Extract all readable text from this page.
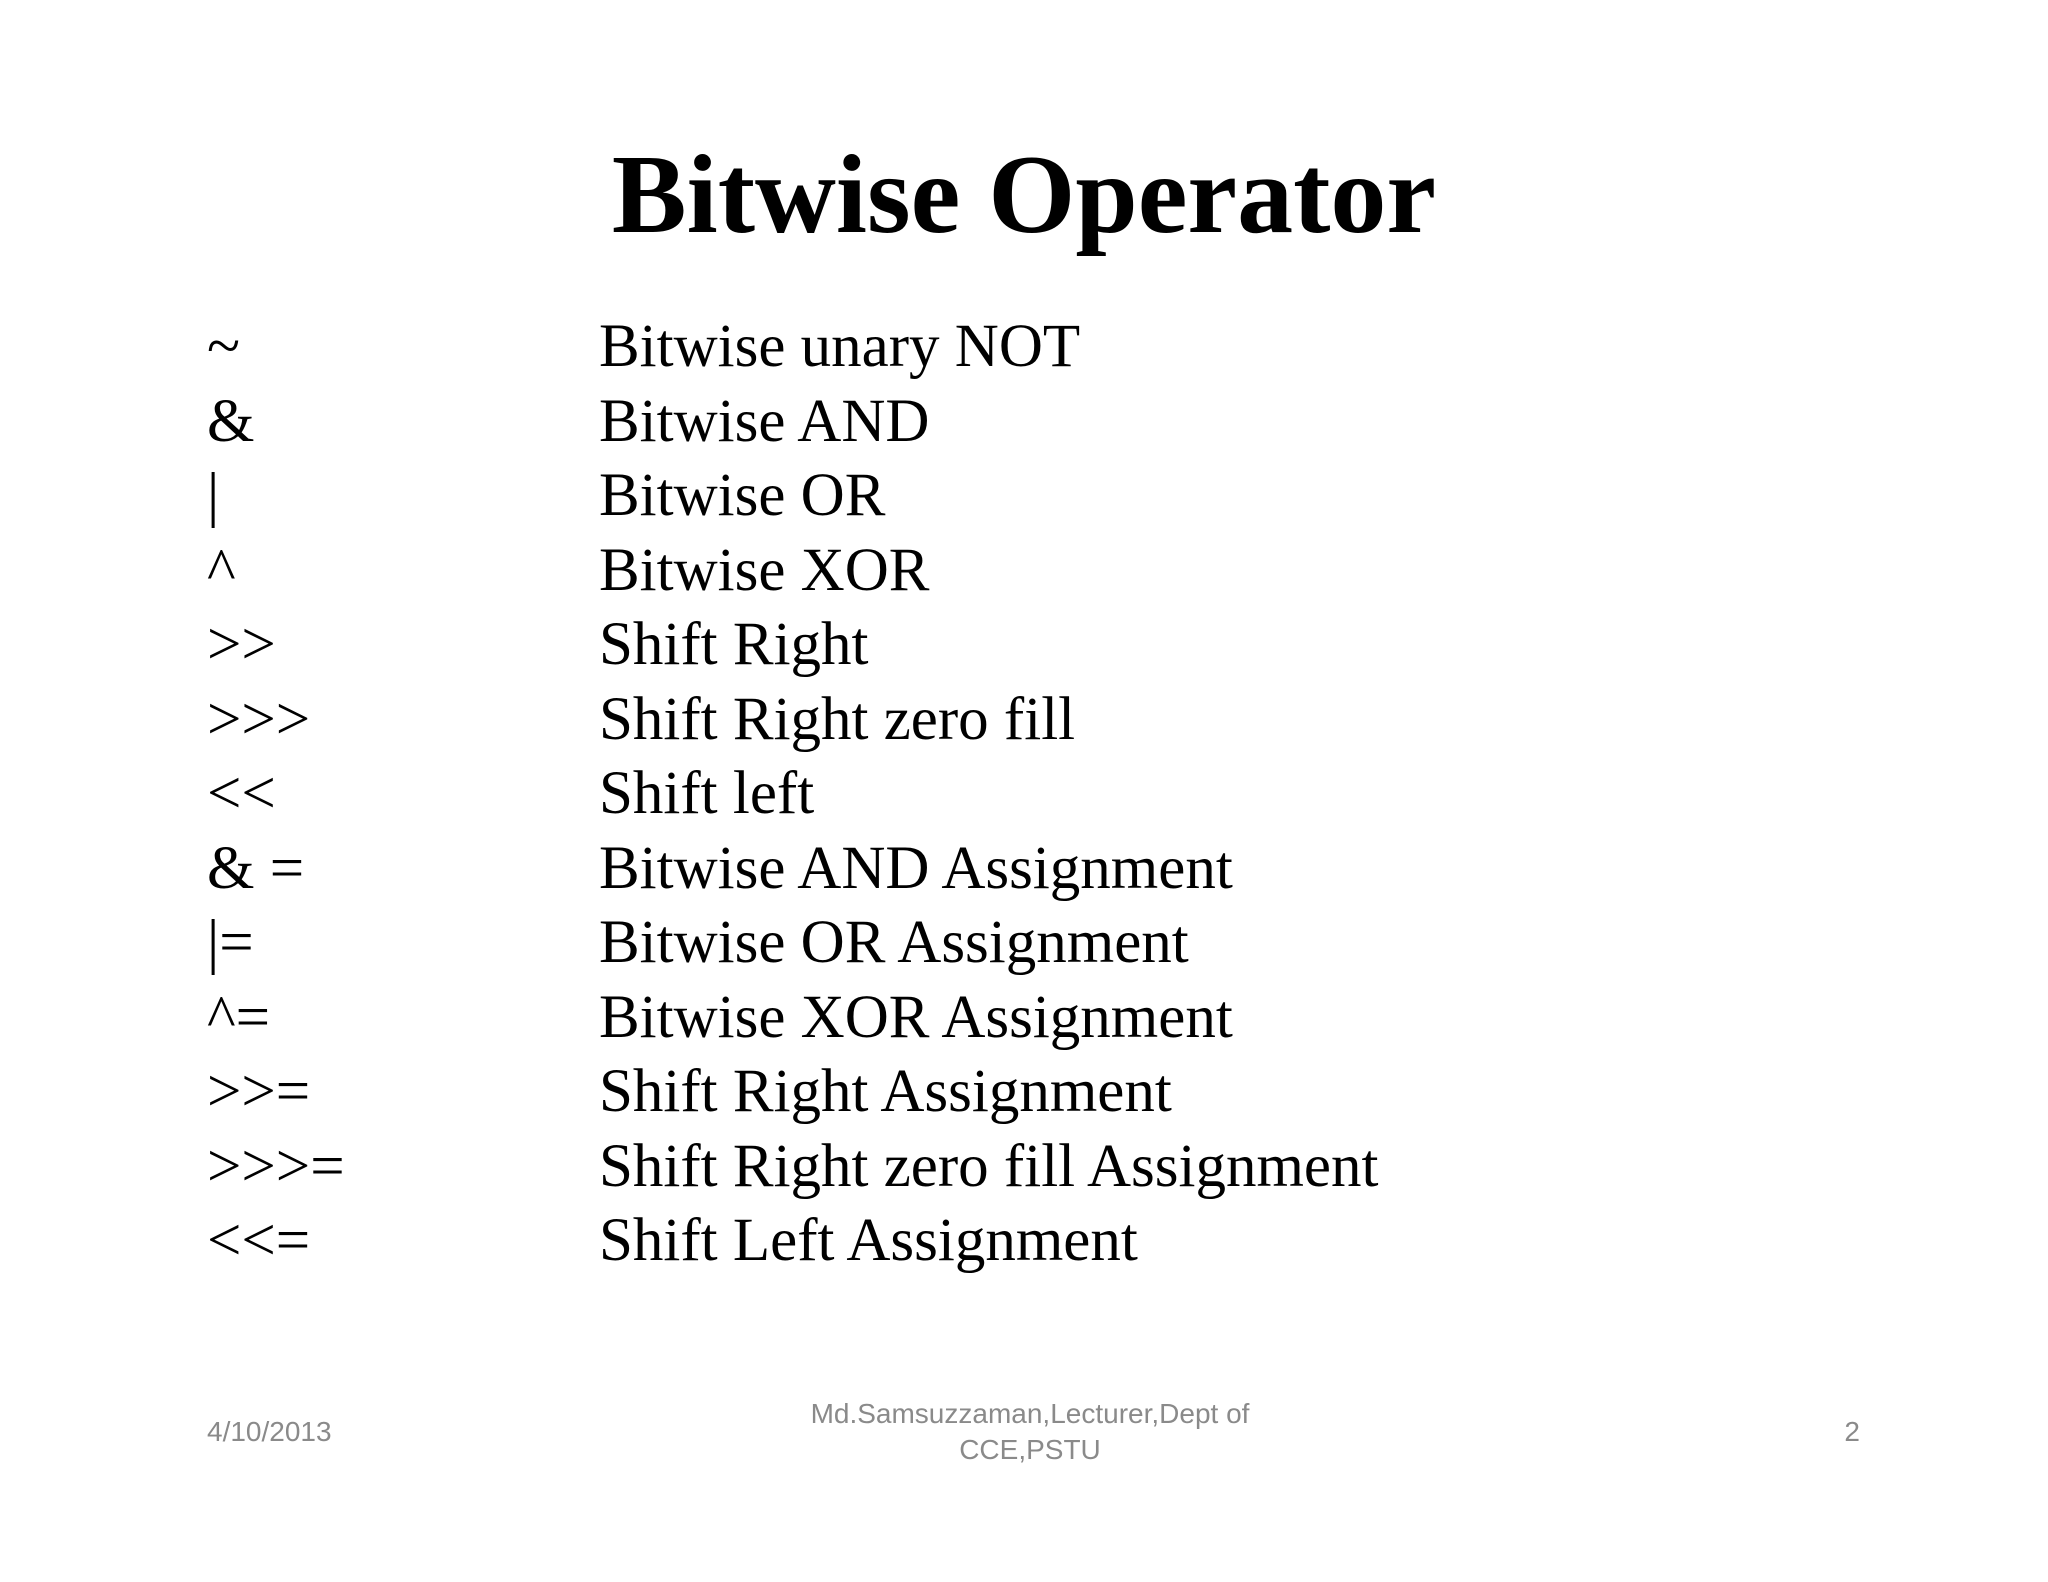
Bitwise Operator
~	Bitwise unary NOT
&	Bitwise AND
|	Bitwise OR
^	Bitwise XOR
>>	Shift Right
>>>	Shift Right zero fill
<<	Shift left
& =	Bitwise AND Assignment
|=	Bitwise OR Assignment
^=	Bitwise XOR Assignment
>>=	Shift Right Assignment
>>>=	Shift Right zero fill Assignment
<<=	Shift Left Assignment
4/10/2013
Md.Samsuzzaman,Lecturer,Dept of
CCE,PSTU
2
